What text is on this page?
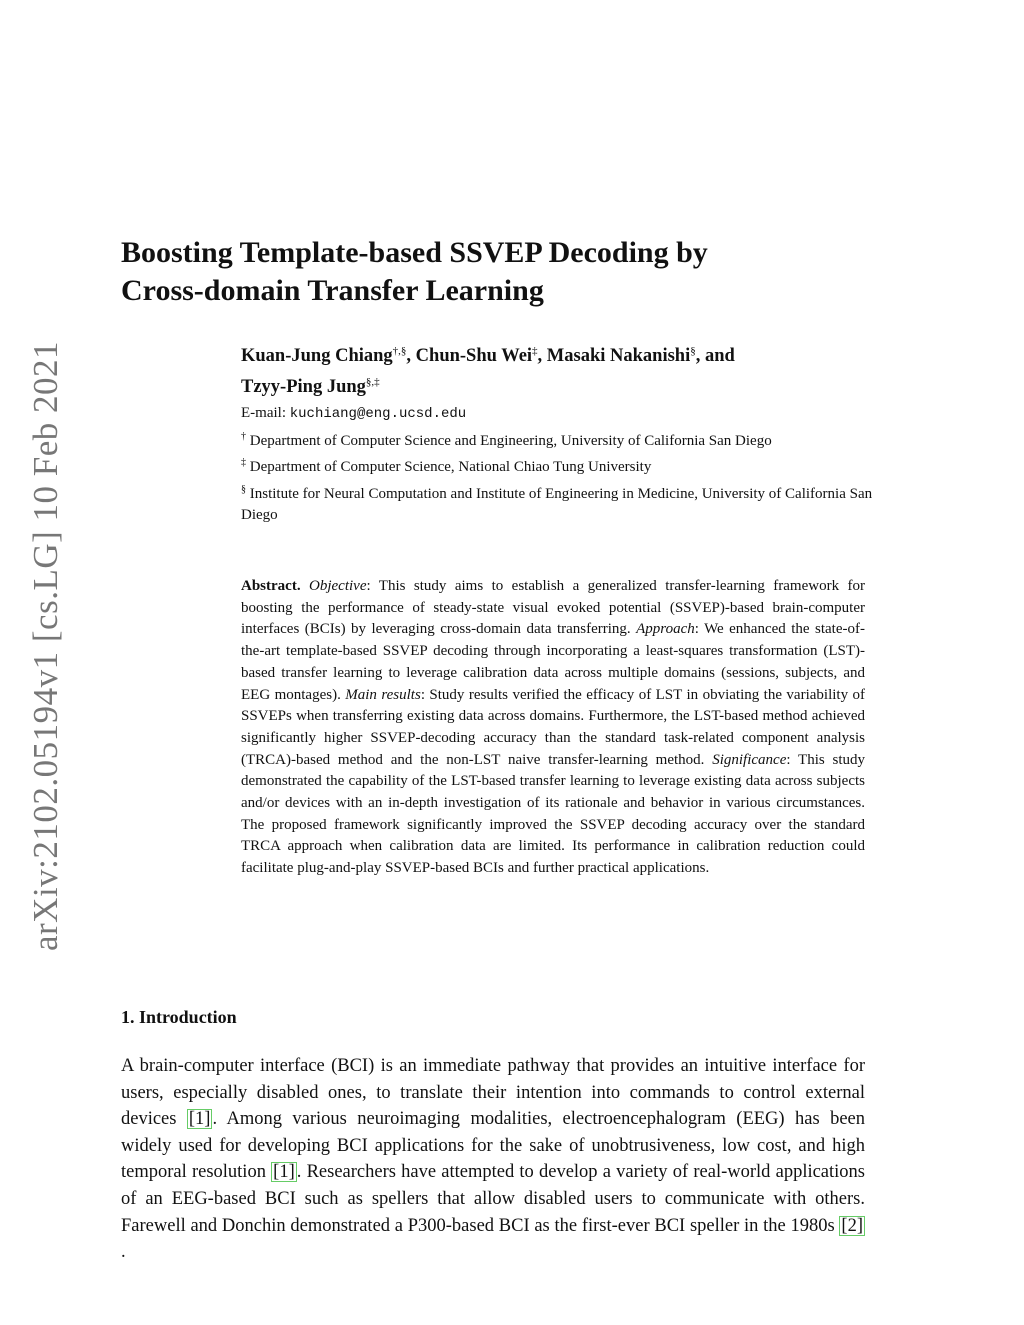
arXiv:2102.05194v1 [cs.LG] 10 Feb 2021
Boosting Template-based SSVEP Decoding by
Cross-domain Transfer Learning
Kuan-Jung Chiang†,§, Chun-Shu Wei‡, Masaki Nakanishi§, and
Tzyy-Ping Jung§,‡

E-mail: kuchiang@eng.ucsd.edu

† Department of Computer Science and Engineering, University of California San Diego

‡ Department of Computer Science, National Chiao Tung University

§ Institute for Neural Computation and Institute of Engineering in Medicine, University of California San Diego

Abstract. Objective: This study aims to establish a generalized transfer-learning framework for boosting the performance of steady-state visual evoked potential (SSVEP)-based brain-computer interfaces (BCIs) by leveraging cross-domain data transferring. Approach: We enhanced the state-of-the-art template-based SSVEP decoding through incorporating a least-squares transformation (LST)-based transfer learning to leverage calibration data across multiple domains (sessions, subjects, and EEG montages). Main results: Study results verified the efficacy of LST in obviating the variability of SSVEPs when transferring existing data across domains. Furthermore, the LST-based method achieved significantly higher SSVEP-decoding accuracy than the standard task-related component analysis (TRCA)-based method and the non-LST naive transfer-learning method. Significance: This study demonstrated the capability of the LST-based transfer learning to leverage existing data across subjects and/or devices with an in-depth investigation of its rationale and behavior in various circumstances. The proposed framework significantly improved the SSVEP decoding accuracy over the standard TRCA approach when calibration data are limited. Its performance in calibration reduction could facilitate plug-and-play SSVEP-based BCIs and further practical applications.

1. Introduction

A brain-computer interface (BCI) is an immediate pathway that provides an intuitive interface for users, especially disabled ones, to translate their intention into commands to control external devices [1] . Among various neuroimaging modalities, electroencephalogram (EEG) has been widely used for developing BCI applications for the sake of unobtrusiveness, low cost, and high temporal resolution [1] . Researchers have attempted to develop a variety of real-world applications of an EEG-based BCI such as spellers that allow disabled users to communicate with others. Farewell and Donchin demonstrated a P300-based BCI as the first-ever BCI speller in the 1980s [2].
